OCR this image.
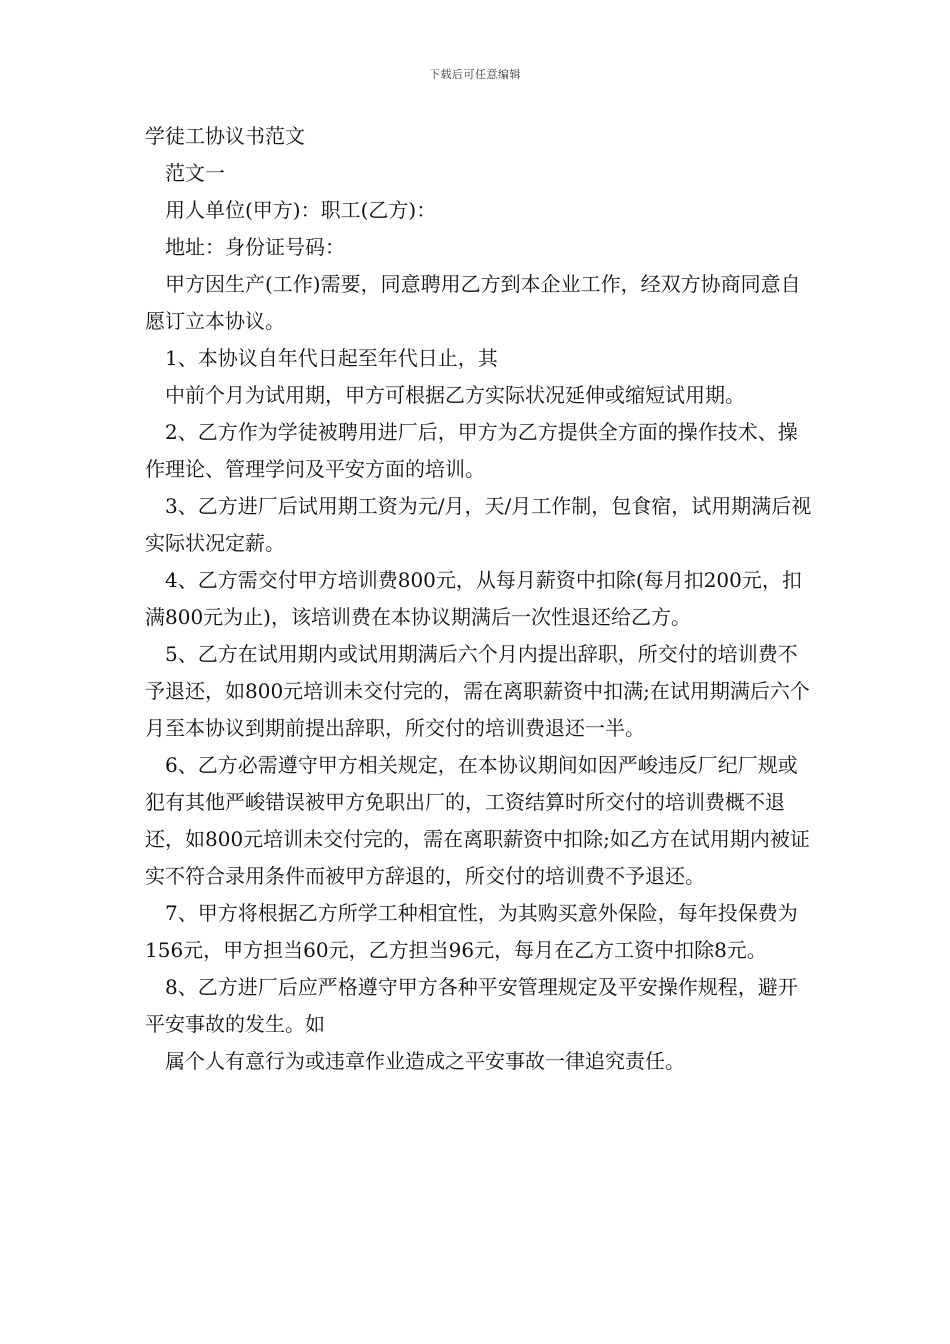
下载后可任意编辑

学徒工协议书范文

范文一

用人单位(甲方)：职工(乙方)：

地址：身份证号码：

甲方因生产(工作)需要，同意聘用乙方到本企业工作，经双方协商同意自愿订立本协议。

1、本协议自年代日起至年代日止，其

中前个月为试用期，甲方可根据乙方实际状况延伸或缩短试用期。

2、乙方作为学徒被聘用进厂后，甲方为乙方提供全方面的操作技术、操作理论、管理学问及平安方面的培训。

3、乙方进厂后试用期工资为元/月，天/月工作制，包食宿，试用期满后视实际状况定薪。

4、乙方需交付甲方培训费800元，从每月薪资中扣除(每月扣200元，扣满800元为止)，该培训费在本协议期满后一次性退还给乙方。

5、乙方在试用期内或试用期满后六个月内提出辞职，所交付的培训费不予退还，如800元培训未交付完的，需在离职薪资中扣满;在试用期满后六个月至本协议到期前提出辞职，所交付的培训费退还一半。

6、乙方必需遵守甲方相关规定，在本协议期间如因严峻违反厂纪厂规或犯有其他严峻错误被甲方免职出厂的，工资结算时所交付的培训费概不退还，如800元培训未交付完的，需在离职薪资中扣除;如乙方在试用期内被证实不符合录用条件而被甲方辞退的，所交付的培训费不予退还。

7、甲方将根据乙方所学工种相宜性，为其购买意外保险，每年投保费为156元，甲方担当60元，乙方担当96元，每月在乙方工资中扣除8元。

8、乙方进厂后应严格遵守甲方各种平安管理规定及平安操作规程，避开平安事故的发生。如

属个人有意行为或违章作业造成之平安事故一律追究责任。
